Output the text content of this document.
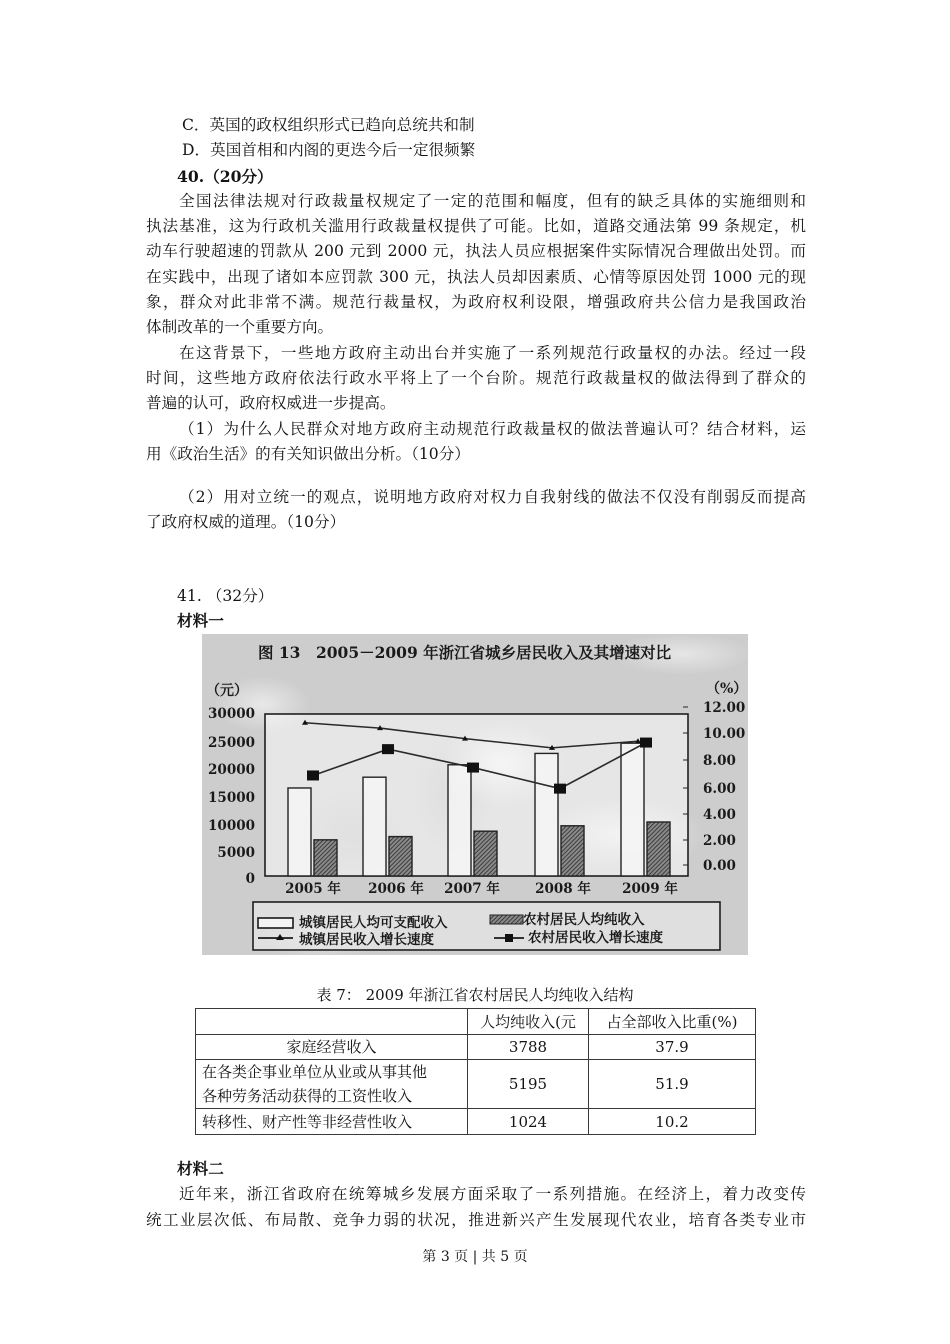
C．英国的政权组织形式已趋向总统共和制
D．英国首相和内阁的更迭今后一定很频繁
40.（20分）
全国法律法规对行政裁量权规定了一定的范围和幅度，但有的缺乏具体的实施细则和
执法基准，这为行政机关滥用行政裁量权提供了可能。比如，道路交通法第 99 条规定，机
动车行驶超速的罚款从 200 元到 2000 元，执法人员应根据案件实际情况合理做出处罚。而
在实践中，出现了诸如本应罚款 300 元，执法人员却因素质、心情等原因处罚 1000 元的现
象，群众对此非常不满。规范行裁量权，为政府权利设限，增强政府共公信力是我国政治
体制改革的一个重要方向。
在这背景下，一些地方政府主动出台并实施了一系列规范行政量权的办法。经过一段
时间，这些地方政府依法行政水平将上了一个台阶。规范行政裁量权的做法得到了群众的
普遍的认可，政府权威进一步提高。
（1）为什么人民群众对地方政府主动规范行政裁量权的做法普遍认可？结合材料，运
用《政治生活》的有关知识做出分析。（10分）
（2）用对立统一的观点，说明地方政府对权力自我射线的做法不仅没有削弱反而提高
了政府权威的道理。（10分）
41. （32分）
材料一
30000
25000
20000
15000
10000
5000
0
12.00
10.00
8.00
6.00
4.00
2.00
0.00
（元）	（%）
图 13　2005－2009 年浙江省城乡居民收入及其增速对比
2005 年 2006 年 2007 年	2008 年 2009 年
城镇居民人均可支配收入
城镇居民收入增长速度
农村居民人均纯收入
农村居民收入增长速度
表 7： 2009 年浙江省农村居民人均纯收入结构
	人均纯收入(元	占全部收入比重(%)
家庭经营收入	3788	37.9

在各类企事业单位从业或从事其他
各种劳务活动获得的工资性收入	5195	51.9
转移性、财产性等非经营性收入	1024	10.2
材料二
近年来，浙江省政府在统筹城乡发展方面采取了一系列措施。在经济上，着力改变传
统工业层次低、布局散、竞争力弱的状况，推进新兴产生发展现代农业，培育各类专业市
第 3 页 | 共 5 页
